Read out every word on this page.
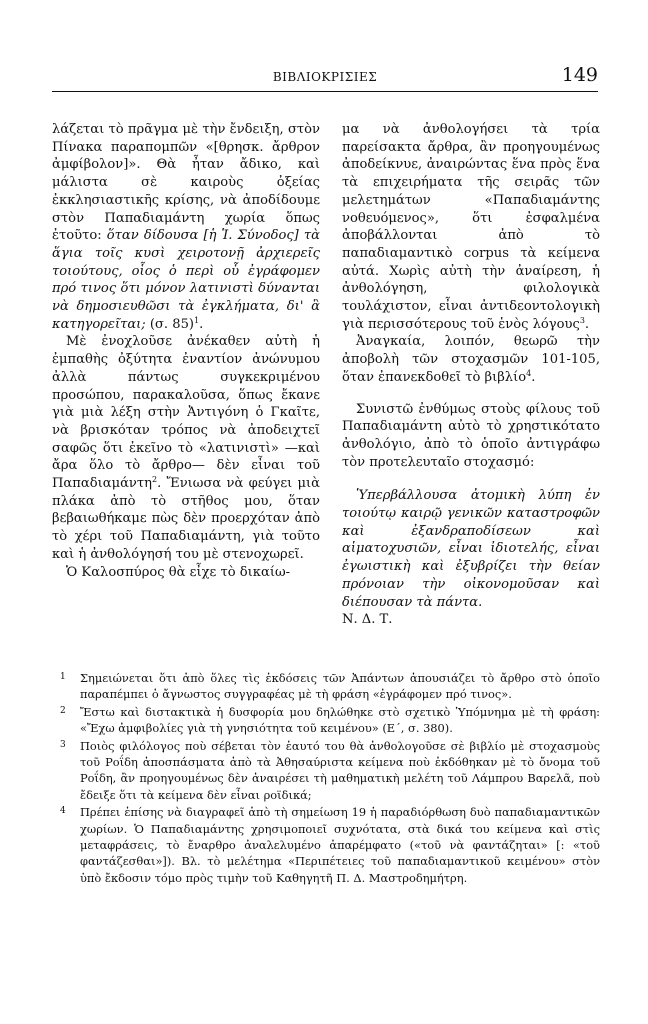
ΒΙΒΛΙΟΚΡΙΣΙΕΣ	149

λάζεται τὸ πρᾶγμα μὲ τὴν ἔνδειξη, στὸν Πίνακα παραπομπῶν «[θρησκ. ἄρθρον ἀμφίβολον]». Θὰ ἦταν ἄδικο, καὶ μάλιστα σὲ καιροὺς ὀξείας ἐκκλησιαστικῆς κρίσης, νὰ ἀποδίδουμε στὸν Παπαδιαμάντη χωρία ὅπως ἐτοῦτο: ὅταν δίδουσα [ἡ Ἱ. Σύνοδος] τὰ ἅγια τοῖς κυσὶ χειροτονῇ ἀρχιερεῖς τοιούτους, οἷος ὁ περὶ οὗ ἐγράφομεν πρό τινος ὅτι μόνον λατινιστὶ δύνανται νὰ δημοσιευθῶσι τὰ ἐγκλήματα, δι' ἃ κατηγορεῖται; (σ. 85)$^1$.

Μὲ ἐνοχλοῦσε ἀνέκαθεν αὐτὴ ἡ ἐμπαθὴς ὀξύτητα ἐναντίον ἀνώνυμου ἀλλὰ πάντως συγκεκριμένου προσώπου, παρακαλοῦσα, ὅπως ἔκανε γιὰ μιὰ λέξη στὴν Ἀντιγόνη ὁ Γκαῖτε, νὰ βρισκόταν τρόπος νὰ ἀποδειχτεῖ σαφῶς ὅτι ἐκεῖνο τὸ «λατινιστὶ» —καὶ ἄρα ὅλο τὸ ἄρθρο— δὲν εἶναι τοῦ Παπαδιαμάντη$^2$. Ἔνιωσα νὰ φεύγει μιὰ πλάκα ἀπὸ τὸ στῆθος μου, ὅταν βεβαιωθήκαμε πὼς δὲν προερχόταν ἀπὸ τὸ χέρι τοῦ Παπαδιαμάντη, γιὰ τοῦτο καὶ ἡ ἀνθολόγησή του μὲ στενοχωρεῖ.

Ὁ Καλοσπύρος θὰ εἶχε τὸ δικαίω-

μα νὰ ἀνθολογήσει τὰ τρία παρείσακτα ἄρθρα, ἂν προηγουμένως ἀποδείκνυε, ἀναιρώντας ἕνα πρὸς ἕνα τὰ επιχειρήματα τῆς σειρᾶς τῶν μελετημάτων «Παπαδιαμάντης νοθευόμενος», ὅτι ἐσφαλμένα ἀποβάλλονται ἀπὸ τὸ παπαδιαμαντικὸ corpus τὰ κείμενα αὐτά. Χωρὶς αὐτὴ τὴν ἀναίρεση, ἡ ἀνθολόγηση, φιλολογικὰ τουλάχιστον, εἶναι ἀντιδεοντολογικὴ γιὰ περισσότερους τοῦ ἑνὸς λόγους$^3$.

Ἀναγκαία, λοιπόν, θεωρῶ τὴν ἀποβολὴ τῶν στοχασμῶν 101-105, ὅταν ἐπανεκδοθεῖ τὸ βιβλίο$^4$.

Συνιστῶ ἐνθύμως στοὺς φίλους τοῦ Παπαδιαμάντη αὐτὸ τὸ χρηστικότατο ἀνθολόγιο, ἀπὸ τὸ ὁποῖο ἀντιγράφω τὸν προτελευταῖο στοχασμό:

Ὑπερβάλλουσα ἀτομικὴ λύπη ἐν τοιούτῳ καιρῷ γενικῶν καταστροφῶν καὶ ἐξανδραποδίσεων καὶ αἱματοχυσιῶν, εἶναι ἰδιοτελής, εἶναι ἐγωιστικὴ καὶ ἐξυβρίζει τὴν θείαν πρόνοιαν τὴν οἰκονομοῦσαν καὶ διέπουσαν τὰ πάντα.

Ν. Δ. Τ.

1 Σημειώνεται ὅτι ἀπὸ ὅλες τὶς ἐκδόσεις τῶν Ἀπάντων ἀπουσιάζει τὸ ἄρθρο στὸ ὁποῖο παραπέμπει ὁ ἄγνωστος συγγραφέας μὲ τὴ φράση «ἐγράφομεν πρό τινος».
2 Ἔστω καὶ διστακτικὰ ἡ δυσφορία μου δηλώθηκε στὸ σχετικὸ Ὑπόμνημα μὲ τὴ φράση: «Ἔχω ἀμφιβολίες γιὰ τὴ γνησιότητα τοῦ κειμένου» (Ε΄, σ. 380).
3 Ποιὸς φιλόλογος ποὺ σέβεται τὸν ἑαυτό του θὰ ἀνθολογοῦσε σὲ βιβλίο μὲ στοχασμοὺς τοῦ Ροΐδη ἀποσπάσματα ἀπὸ τὰ Ἀθησαύριστα κείμενα ποὺ ἐκδόθηκαν μὲ τὸ ὄνομα τοῦ Ροΐδη, ἂν προηγουμένως δὲν ἀναιρέσει τὴ μαθηματικὴ μελέτη τοῦ Λάμπρου Βαρελᾶ, ποὺ ἔδειξε ὅτι τὰ κείμενα δὲν εἶναι ροϊδικά;
4 Πρέπει ἐπίσης νὰ διαγραφεῖ ἀπὸ τὴ σημείωση 19 ἡ παραδιόρθωση δυὸ παπαδιαμαντικῶν χωρίων. Ὁ Παπαδιαμάντης χρησιμοποιεῖ συχνότατα, στὰ δικά του κείμενα καὶ στὶς μεταφράσεις, τὸ ἔναρθρο ἀναλελυμένο ἀπαρέμφατο («τοῦ νὰ φαντάζηται» [: «τοῦ φαντάζεσθαι»]). Βλ. τὸ μελέτημα «Περιπέτειες τοῦ παπαδιαμαντικοῦ κειμένου» στὸν ὑπὸ ἔκδοσιν τόμο πρὸς τιμὴν τοῦ Καθηγητῆ Π. Δ. Μαστροδημήτρη.
